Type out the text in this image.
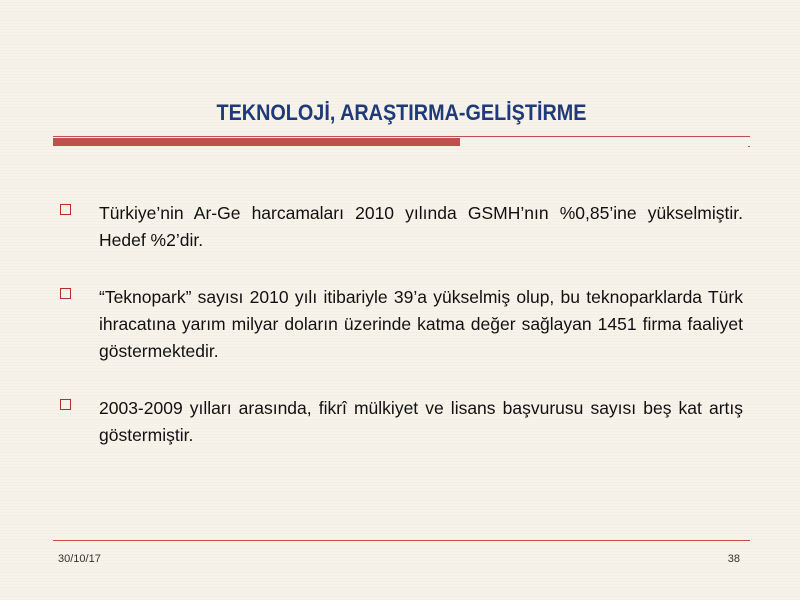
TEKNOLOJİ, ARAŞTIRMA-GELİŞTİRME
Türkiye’nin Ar-Ge harcamaları 2010 yılında GSMH’nın %0,85’ine yükselmiştir. Hedef %2’dir.
“Teknopark” sayısı 2010 yılı itibariyle 39’a yükselmiş olup, bu teknoparklarda Türk ihracatına yarım milyar doların üzerinde katma değer sağlayan 1451 firma faaliyet göstermektedir.
2003-2009 yılları arasında, fikrî mülkiyet ve lisans başvurusu sayısı beş kat artış göstermiştir.
30/10/17	38
